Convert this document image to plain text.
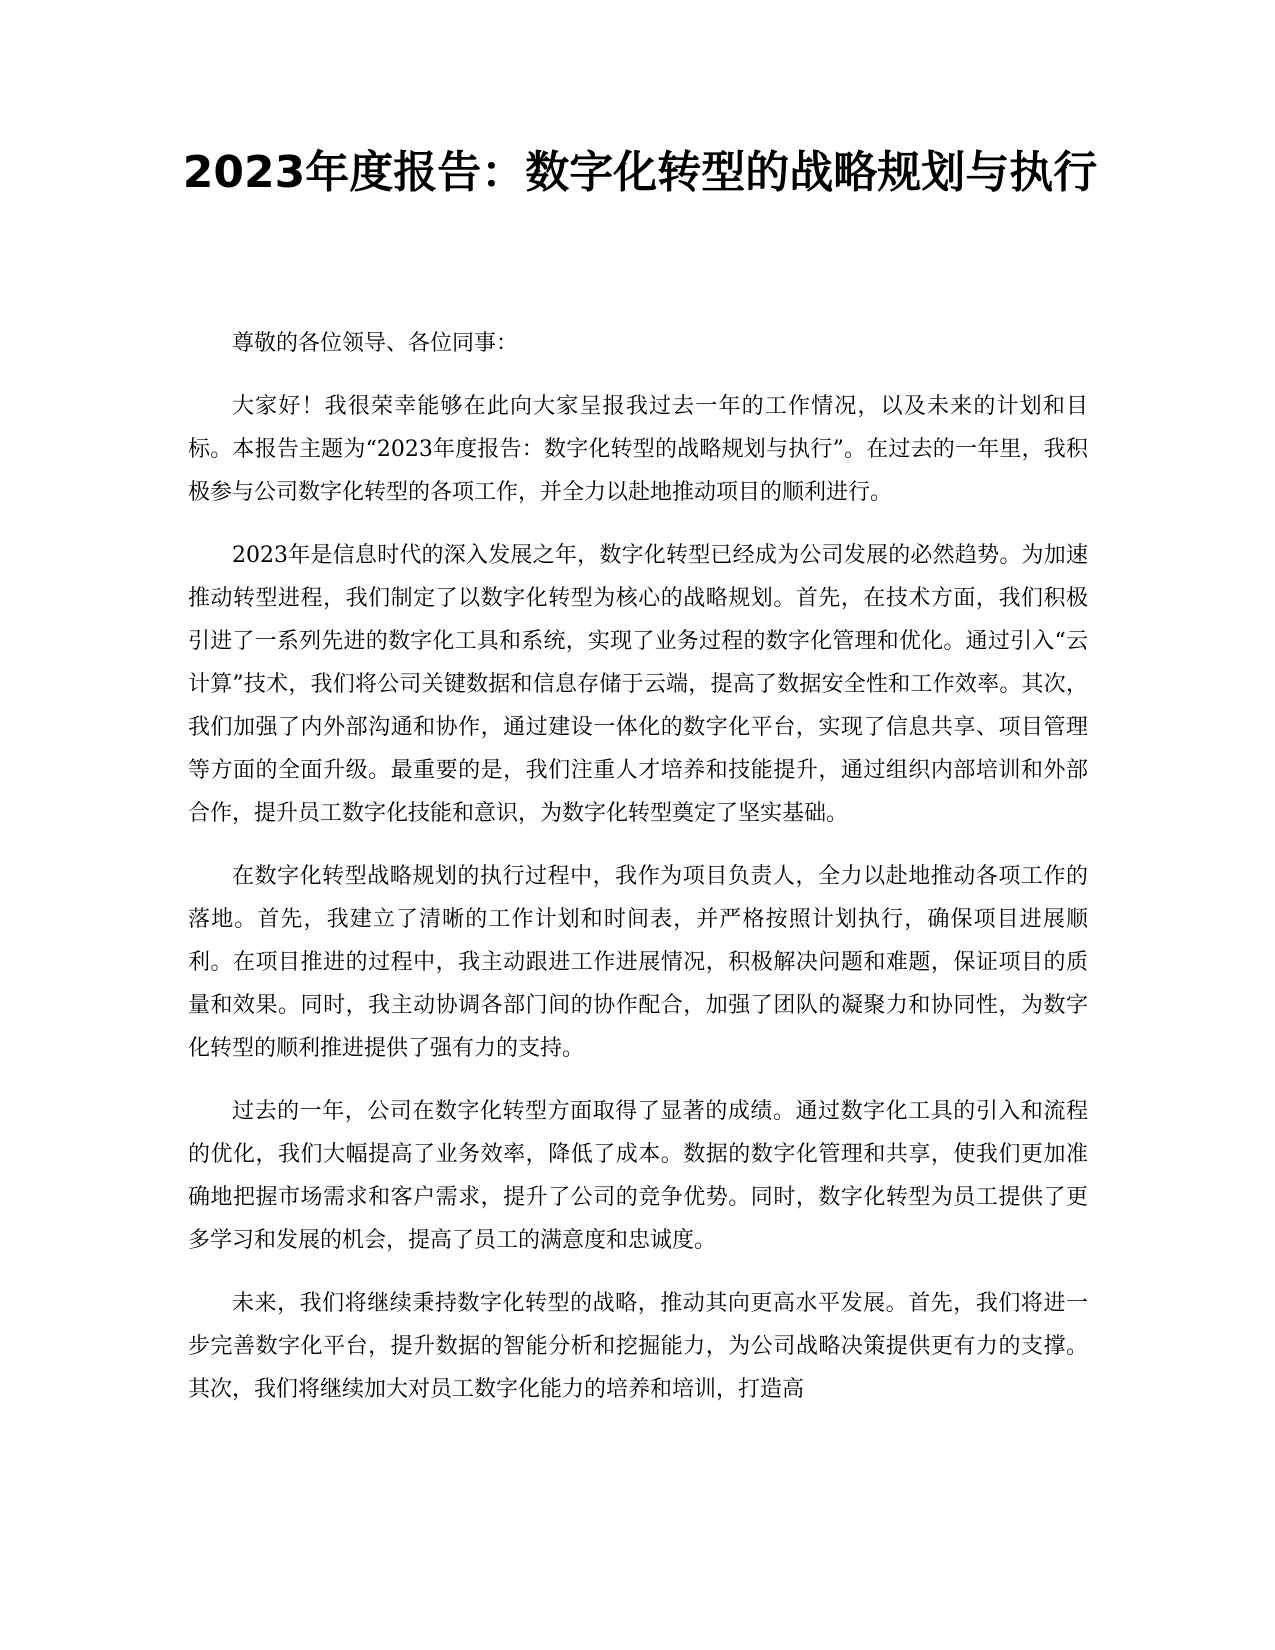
2023年度报告：数字化转型的战略规划与执行

尊敬的各位领导、各位同事：

大家好！我很荣幸能够在此向大家呈报我过去一年的工作情况，以及未来的计划和目标。本报告主题为“2023年度报告：数字化转型的战略规划与执行”。在过去的一年里，我积极参与公司数字化转型的各项工作，并全力以赴地推动项目的顺利进行。

2023年是信息时代的深入发展之年，数字化转型已经成为公司发展的必然趋势。为加速推动转型进程，我们制定了以数字化转型为核心的战略规划。首先，在技术方面，我们积极引进了一系列先进的数字化工具和系统，实现了业务过程的数字化管理和优化。通过引入“云计算”技术，我们将公司关键数据和信息存储于云端，提高了数据安全性和工作效率。其次，我们加强了内外部沟通和协作，通过建设一体化的数字化平台，实现了信息共享、项目管理等方面的全面升级。最重要的是，我们注重人才培养和技能提升，通过组织内部培训和外部合作，提升员工数字化技能和意识，为数字化转型奠定了坚实基础。

在数字化转型战略规划的执行过程中，我作为项目负责人，全力以赴地推动各项工作的落地。首先，我建立了清晰的工作计划和时间表，并严格按照计划执行，确保项目进展顺利。在项目推进的过程中，我主动跟进工作进展情况，积极解决问题和难题，保证项目的质量和效果。同时，我主动协调各部门间的协作配合，加强了团队的凝聚力和协同性，为数字化转型的顺利推进提供了强有力的支持。

过去的一年，公司在数字化转型方面取得了显著的成绩。通过数字化工具的引入和流程的优化，我们大幅提高了业务效率，降低了成本。数据的数字化管理和共享，使我们更加准确地把握市场需求和客户需求，提升了公司的竞争优势。同时，数字化转型为员工提供了更多学习和发展的机会，提高了员工的满意度和忠诚度。

未来，我们将继续秉持数字化转型的战略，推动其向更高水平发展。首先，我们将进一步完善数字化平台，提升数据的智能分析和挖掘能力，为公司战略决策提供更有力的支撑。其次，我们将继续加大对员工数字化能力的培养和培训，打造高
